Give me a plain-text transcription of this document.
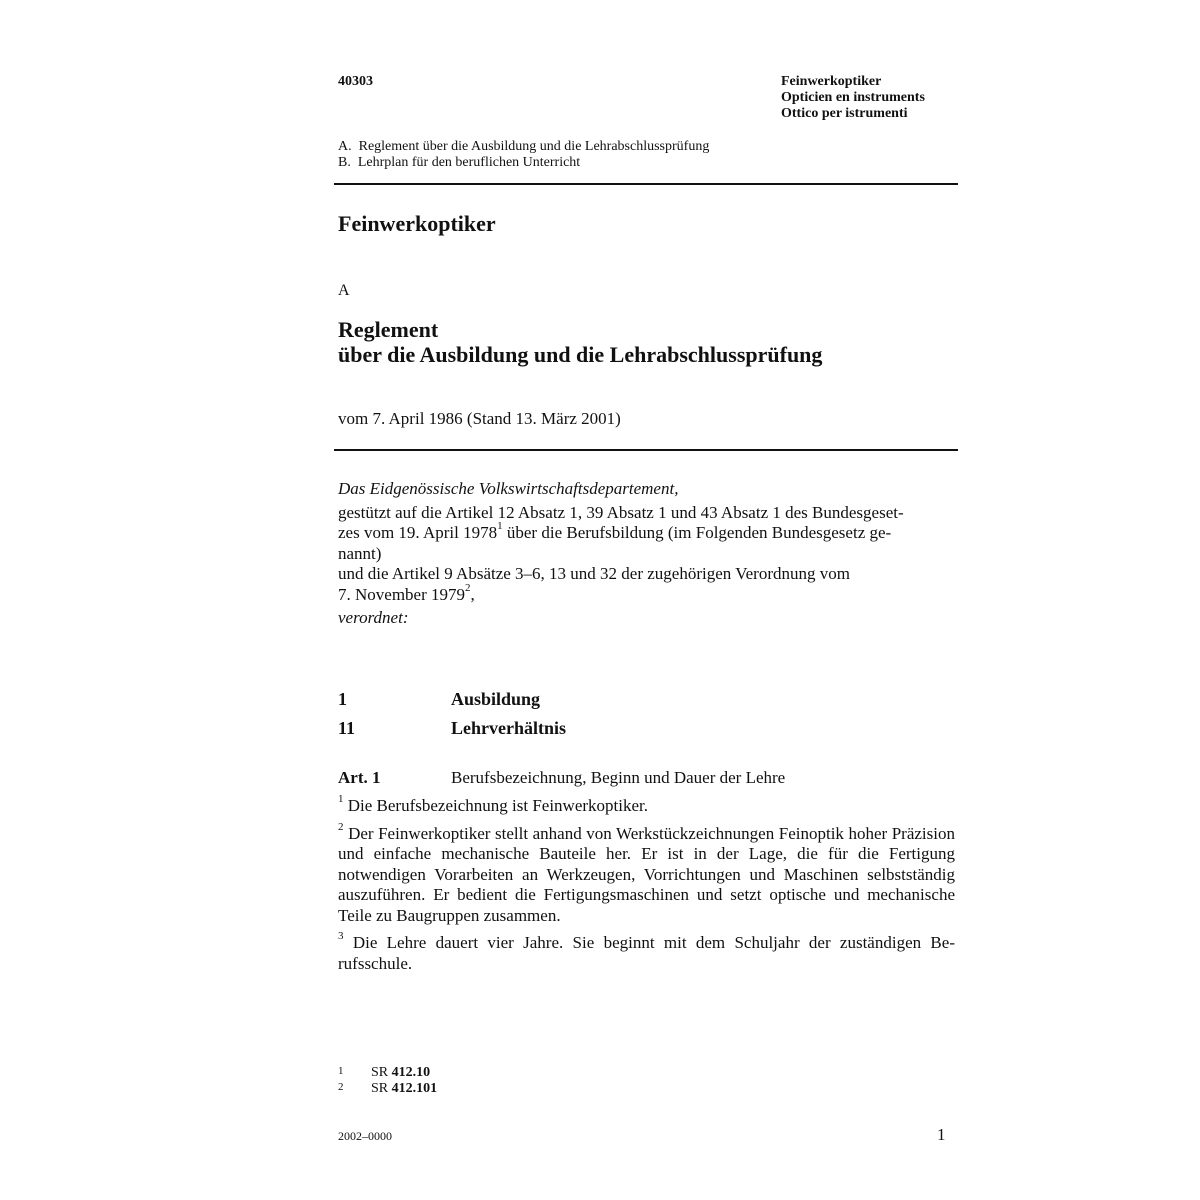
40303	Feinwerkoptiker
Opticien en instruments
Ottico per istrumenti
A.  Reglement über die Ausbildung und die Lehrabschlussprüfung
B.  Lehrplan für den beruflichen Unterricht
Feinwerkoptiker
A
Reglement
über die Ausbildung und die Lehrabschlussprüfung
vom 7. April 1986 (Stand 13. März 2001)

Das Eidgenössische Volkswirtschaftsdepartement,

gestützt auf die Artikel 12 Absatz 1, 39 Absatz 1 und 43 Absatz 1 des Bundesgeset-
zes vom 19. April 1978$^1$ über die Berufsbildung (im Folgenden Bundesgesetz ge-
nannt)

und die Artikel 9 Absätze 3–6, 13 und 32 der zugehörigen Verordnung vom
7. November 1979$^2$,

verordnet:

1	Ausbildung
11	Lehrverhältnis
Art. 1	Berufsbezeichnung, Beginn und Dauer der Lehre

$^1$ Die Berufsbezeichnung ist Feinwerkoptiker.

$^2$ Der Feinwerkoptiker stellt anhand von Werkstückzeichnungen Feinoptik hoher Präzision und einfache mechanische Bauteile her. Er ist in der Lage, die für die Fertigung notwendigen Vorarbeiten an Werkzeugen, Vorrichtungen und Maschinen selbstständig auszuführen. Er bedient die Fertigungsmaschinen und setzt optische und mechanische Teile zu Baugruppen zusammen.

$^3$ Die Lehre dauert vier Jahre. Sie beginnt mit dem Schuljahr der zuständigen Berufsschule.

$^1$ SR 412.10
$^2$ SR 412.101
2002–0000	1
